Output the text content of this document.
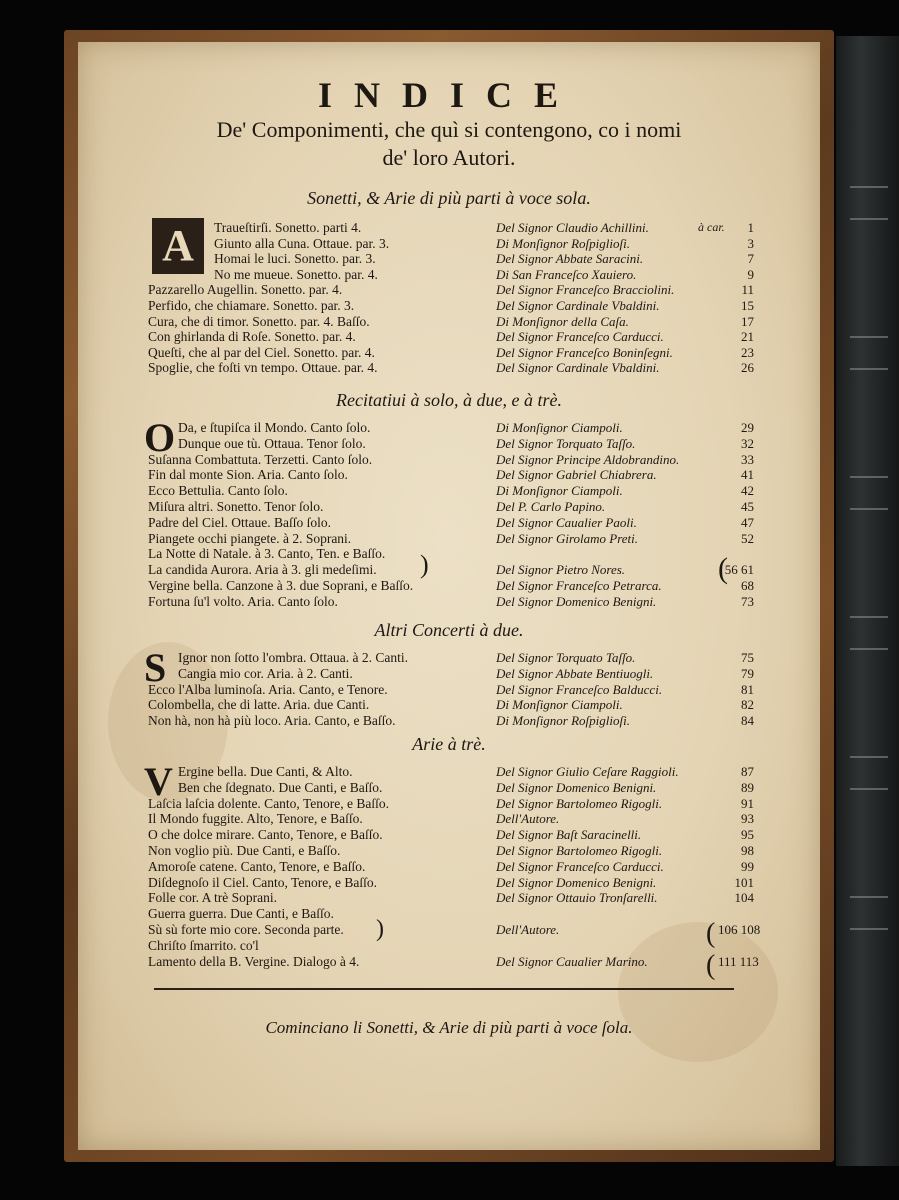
INDICE
De' Componimenti, che quì si contengono, co i nomi
de' loro Autori.
Sonetti, & Arie di più parti à voce sola.
A	Traueſtirſi. Sonetto. parti 4.	Del Signor Claudio Achillini.	à car.	1
Giunto alla Cuna. Ottaue. par. 3.	Di Monſignor Roſpiglioſi.	3
Homai le luci. Sonetto. par. 3.	Del Signor Abbate Saracini.	7
No me mueue. Sonetto. par. 4.	Di San Franceſco Xauiero.	9
Pazzarello Augellin. Sonetto. par. 4.	Del Signor Franceſco Bracciolini.	11
Perfido, che chiamare. Sonetto. par. 3.	Del Signor Cardinale Vbaldini.	15
Cura, che di timor. Sonetto. par. 4. Baſſo.	Di Monſignor della Caſa.	17
Con ghirlanda di Roſe. Sonetto. par. 4.	Del Signor Franceſco Carducci.	21
Queſti, che al par del Ciel. Sonetto. par. 4.	Del Signor Franceſco Boninſegni.	23
Spoglie, che foſti vn tempo. Ottaue. par. 4.	Del Signor Cardinale Vbaldini.	26
Recitatiui à solo, à due, e à trè.
O Da, e ſtupiſca il Mondo. Canto ſolo.	Di Monſignor Ciampoli.	29
Dunque oue tù. Ottaua. Tenor ſolo.	Del Signor Torquato Taſſo.	32
Suſanna Combattuta. Terzetti. Canto ſolo.	Del Signor Principe Aldobrandino.	33
Fin dal monte Sion. Aria. Canto ſolo.	Del Signor Gabriel Chiabrera.	41
Ecco Bettulia. Canto ſolo.	Di Monſignor Ciampoli.	42
Miſura altri. Sonetto. Tenor ſolo.	Del P. Carlo Papino.	45
Padre del Ciel. Ottaue. Baſſo ſolo.	Del Signor Caualier Paoli.	47
Piangete occhi piangete. à 2. Soprani.	Del Signor Girolamo Preti.	52
La Notte di Natale. à 3. Canto, Ten. e Baſſo.
La candida Aurora. Aria à 3. gli medeſimi.	Del Signor Pietro Nores.	56 61
Vergine bella. Canzone à 3. due Soprani, e Baſſo.	Del Signor Franceſco Petrarca.	68
Fortuna ſu'l volto. Aria. Canto ſolo.	Del Signor Domenico Benigni.	73
)	(
Altri Concerti à due.
S Ignor non ſotto l'ombra. Ottaua. à 2. Canti.	Del Signor Torquato Taſſo.	75
Cangia mio cor. Aria. à 2. Canti.	Del Signor Abbate Bentiuogli.	79
Ecco l'Alba luminoſa. Aria. Canto, e Tenore.	Del Signor Franceſco Balducci.	81
Colombella, che di latte. Aria. due Canti.	Di Monſignor Ciampoli.	82
Non hà, non hà più loco. Aria. Canto, e Baſſo.	Di Monſignor Roſpiglioſi.	84
Arie à trè.
V Ergine bella. Due Canti, & Alto.	Del Signor Giulio Ceſare Raggioli.	87
Ben che ſdegnato. Due Canti, e Baſſo.	Del Signor Domenico Benigni.	89
Laſcia laſcia dolente. Canto, Tenore, e Baſſo.	Del Signor Bartolomeo Rigogli.	91
Il Mondo fuggite. Alto, Tenore, e Baſſo.	Dell'Autore.	93
O che dolce mirare. Canto, Tenore, e Baſſo.	Del Signor Baſt Saracinelli.	95
Non voglio più. Due Canti, e Baſſo.	Del Signor Bartolomeo Rigogli.	98
Amoroſe catene. Canto, Tenore, e Baſſo.	Del Signor Franceſco Carducci.	99
Diſdegnoſo il Ciel. Canto, Tenore, e Baſſo.	Del Signor Domenico Benigni.	101
Folle cor. A trè Soprani.	Del Signor Ottauio Tronſarelli.	104
Guerra guerra. Due Canti, e Baſſo.
Sù sù forte mio core. Seconda parte.	Dell'Autore.	106 108
Chriſto ſmarrito. co'l
Lamento della B. Vergine. Dialogo à 4.	Del Signor Caualier Marino.	111 113
)	(
(
Cominciano li Sonetti, & Arie di più parti à voce ſola.
